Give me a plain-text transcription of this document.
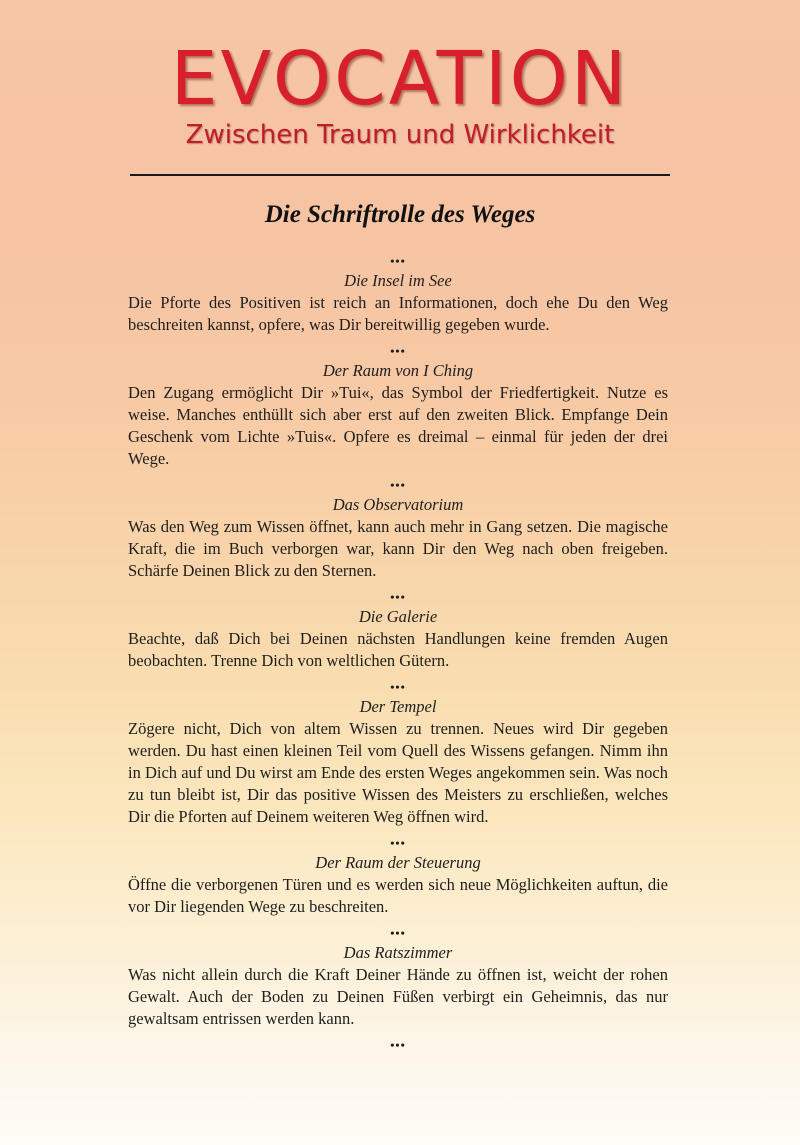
EVOCATION
Zwischen Traum und Wirklichkeit
Die Schriftrolle des Weges
•••
Die Insel im See

Die Pforte des Positiven ist reich an Informationen, doch ehe Du den Weg beschreiten kannst, opfere, was Dir bereitwillig gegeben wurde.

•••
Der Raum von I Ching

Den Zugang ermöglicht Dir »Tui«, das Symbol der Friedfertigkeit. Nutze es weise. Manches enthüllt sich aber erst auf den zweiten Blick. Empfange Dein Geschenk vom Lichte »Tuis«. Opfere es dreimal – einmal für jeden der drei Wege.

•••
Das Observatorium

Was den Weg zum Wissen öffnet, kann auch mehr in Gang setzen. Die magische Kraft, die im Buch verborgen war, kann Dir den Weg nach oben freigeben. Schärfe Deinen Blick zu den Sternen.

•••
Die Galerie

Beachte, daß Dich bei Deinen nächsten Handlungen keine fremden Augen beobachten. Trenne Dich von weltlichen Gütern.

•••
Der Tempel

Zögere nicht, Dich von altem Wissen zu trennen. Neues wird Dir gegeben werden. Du hast einen kleinen Teil vom Quell des Wissens gefangen. Nimm ihn in Dich auf und Du wirst am Ende des ersten Weges angekommen sein. Was noch zu tun bleibt ist, Dir das positive Wissen des Meisters zu erschließen, welches Dir die Pforten auf Deinem weiteren Weg öffnen wird.

•••
Der Raum der Steuerung

Öffne die verborgenen Türen und es werden sich neue Möglichkeiten auftun, die vor Dir liegenden Wege zu beschreiten.

•••
Das Ratszimmer

Was nicht allein durch die Kraft Deiner Hände zu öffnen ist, weicht der rohen Gewalt. Auch der Boden zu Deinen Füßen verbirgt ein Geheimnis, das nur gewaltsam entrissen werden kann.

•••
